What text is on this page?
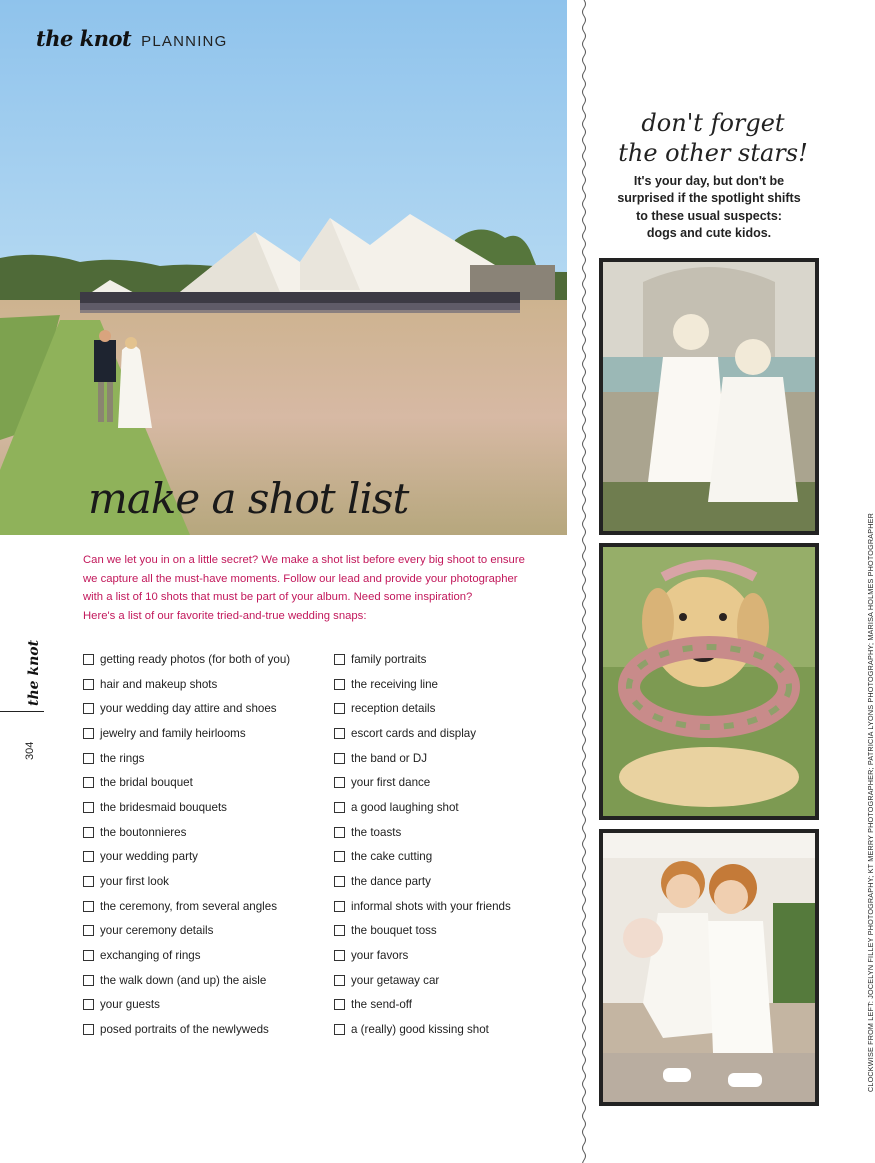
the knot PLANNING
make a shot list

Can we let you in on a little secret? We make a shot list before every big shoot to ensure

we capture all the must-have moments. Follow our lead and provide your photographer

with a list of 10 shots that must be part of your album. Need some inspiration?

Here's a list of our favorite tried-and-true wedding snaps:

getting ready photos (for both of you)
hair and makeup shots
your wedding day attire and shoes
jewelry and family heirlooms
the rings
the bridal bouquet
the bridesmaid bouquets
the boutonnieres
your wedding party
your first look
the ceremony, from several angles
your ceremony details
exchanging of rings
the walk down (and up) the aisle
your guests
posed portraits of the newlyweds
family portraits
the receiving line
reception details
escort cards and display
the band or DJ
your first dance
a good laughing shot
the toasts
the cake cutting
the dance party
informal shots with your friends
the bouquet toss
your favors
your getaway car
the send-off
a (really) good kissing shot
the knot
304
don't forget
the other stars!
It's your day, but don't be
surprised if the spotlight shifts
to these usual suspects:
dogs and cute kidos.
CLOCKWISE FROM LEFT: JOCELYN FILLEY PHOTOGRAPHY; KT MERRY PHOTOGRAPHER; PATRICIA LYONS PHOTOGRAPHY; MARISA HOLMES PHOTOGRAPHER
